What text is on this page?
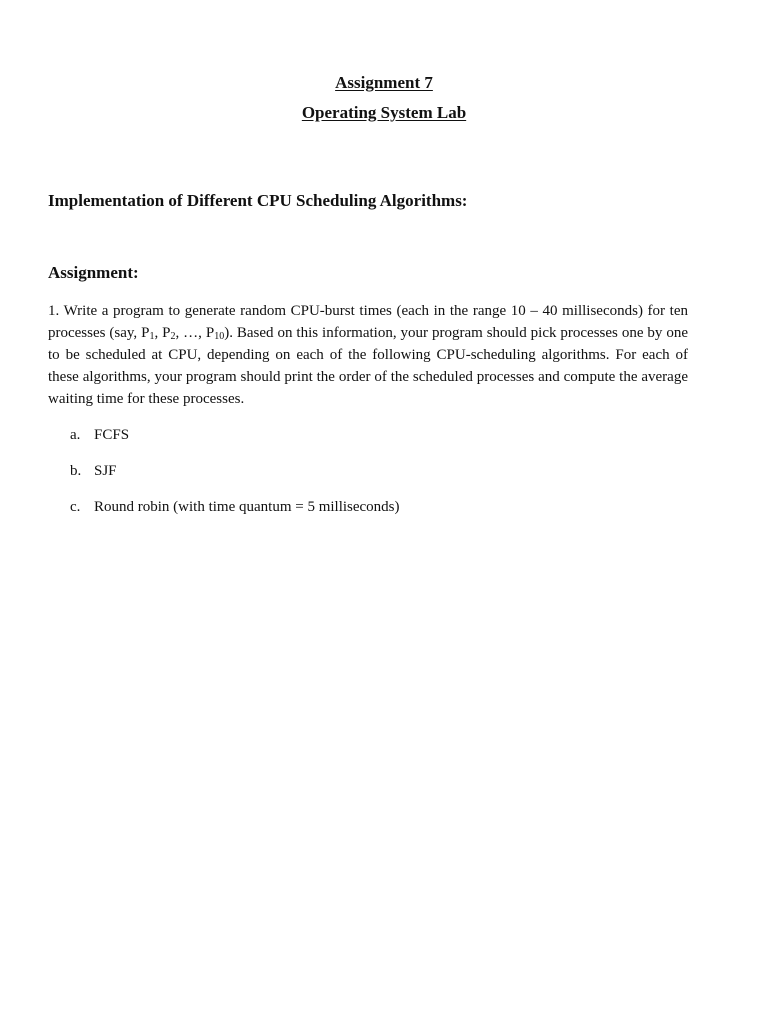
Assignment 7
Operating System Lab
Implementation of Different CPU Scheduling Algorithms:
Assignment:

1. Write a program to generate random CPU-burst times (each in the range 10 – 40 milliseconds) for ten processes (say, $P_1$, $P_2$, …, $P_{10}$). Based on this information, your program should pick processes one by one to be scheduled at CPU, depending on each of the following CPU-scheduling algorithms. For each of these algorithms, your program should print the order of the scheduled processes and compute the average waiting time for these processes.

a. FCFS
b. SJF
c. Round robin (with time quantum = 5 milliseconds)
